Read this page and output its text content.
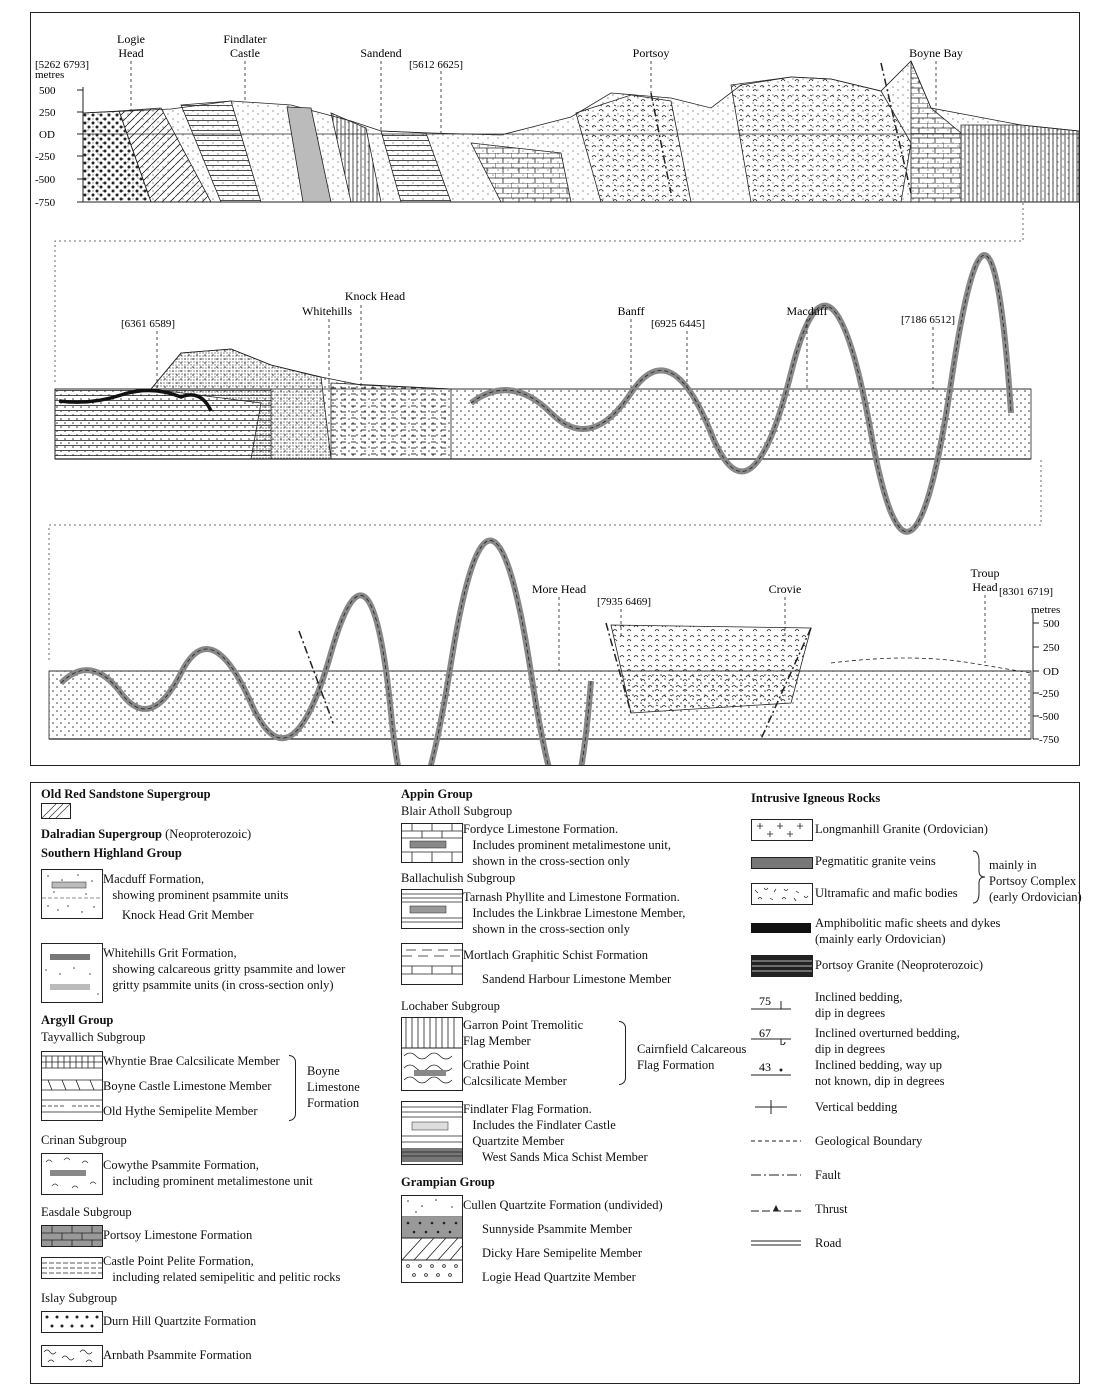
metres
500
250
OD
-250
-500
-750
Logie
Head
Findlater
Castle	Sandend	Portsoy	Boyne Bay
[5262 6793]	[5612 6625]
Knock Head
Whitehills	Banff	Macduff
[6361 6589]	[6925 6445]	[7186 6512]
metres
500
250
OD
-250
-500
-750
More Head	Crovie
Troup
Head
[7935 6469]
[8301 6719]
Old Red Sandstone Supergroup
Dalradian Supergroup (Neoproterozoic)
Southern Highland Group
Macduff Formation,
showing prominent psammite units
Knock Head Grit Member
Whitehills Grit Formation,
showing calcareous gritty psammite and lower
gritty psammite units (in cross-section only)
Argyll Group
Tayvallich Subgroup
Whyntie Brae Calcsilicate Member
Boyne Castle Limestone Member
Old Hythe Semipelite Member
Boyne
Limestone
Formation
Crinan Subgroup
Cowythe Psammite Formation,
including prominent metalimestone unit
Easdale Subgroup
Portsoy Limestone Formation
Castle Point Pelite Formation,
including related semipelitic and pelitic rocks
Islay Subgroup
Durn Hill Quartzite Formation
Arnbath Psammite Formation
Appin Group
Blair Atholl Subgroup
Fordyce Limestone Formation.
Includes prominent metalimestone unit,
shown in the cross-section only
Ballachulish Subgroup
Tarnash Phyllite and Limestone Formation.
Includes the Linkbrae Limestone Member,
shown in the cross-section only
Mortlach Graphitic Schist Formation
Sandend Harbour Limestone Member
Lochaber Subgroup
Garron Point Tremolitic
Flag Member
Crathie Point
Calcsilicate Member
Cairnfield Calcareous
Flag Formation
Findlater Flag Formation.
Includes the Findlater Castle
Quartzite Member
West Sands Mica Schist Member
Grampian Group
Cullen Quartzite Formation (undivided)
Sunnyside Psammite Member
Dicky Hare Semipelite Member
Logie Head Quartzite Member
Intrusive Igneous Rocks
Longmanhill Granite (Ordovician)
Pegmatitic granite veins
Ultramafic and mafic bodies
mainly in
Portsoy Complex
(early Ordovician)
Amphibolitic mafic sheets and dykes
(mainly early Ordovician)
Portsoy Granite (Neoproterozoic)
75	Inclined bedding,
dip in degrees
67	Inclined overturned bedding,
dip in degrees
43	Inclined bedding, way up
not known, dip in degrees
Vertical bedding
Geological Boundary
Fault
Thrust
Road
